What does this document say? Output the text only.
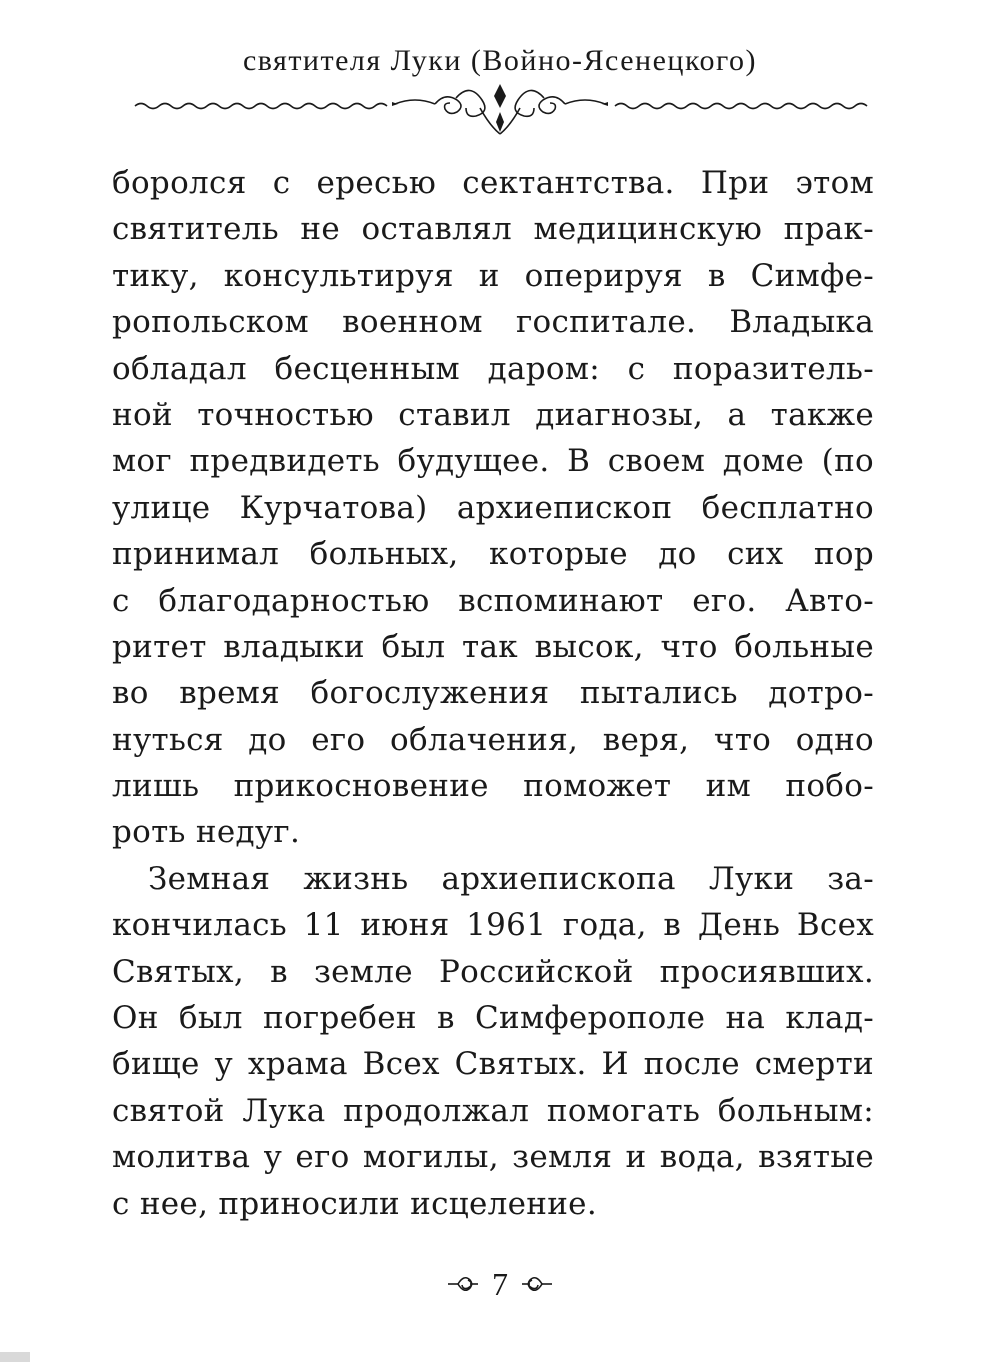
святителя Луки (Войно-Ясенецкого)
боролся с ересью сектантства. При этом
святитель не оставлял медицинскую прак-
тику, консультируя и оперируя в Симфе-
ропольском военном госпитале. Владыка
обладал бесценным даром: с поразитель-
ной точностью ставил диагнозы, а также
мог предвидеть будущее. В своем доме (по
улице Курчатова) архиепископ бесплатно
принимал больных, которые до сих пор
с благодарностью вспоминают его. Авто-
ритет владыки был так высок, что больные
во время богослужения пытались дотро-
нуться до его облачения, веря, что одно
лишь прикосновение поможет им побо-
роть недуг.
Земная жизнь архиепископа Луки за-
кончилась 11 июня 1961 года, в День Всех
Святых, в земле Российской просиявших.
Он был погребен в Симферополе на клад-
бище у храма Всех Святых. И после смерти
святой Лука продолжал помогать больным:
молитва у его могилы, земля и вода, взятые
с нее, приносили исцеление.
7
